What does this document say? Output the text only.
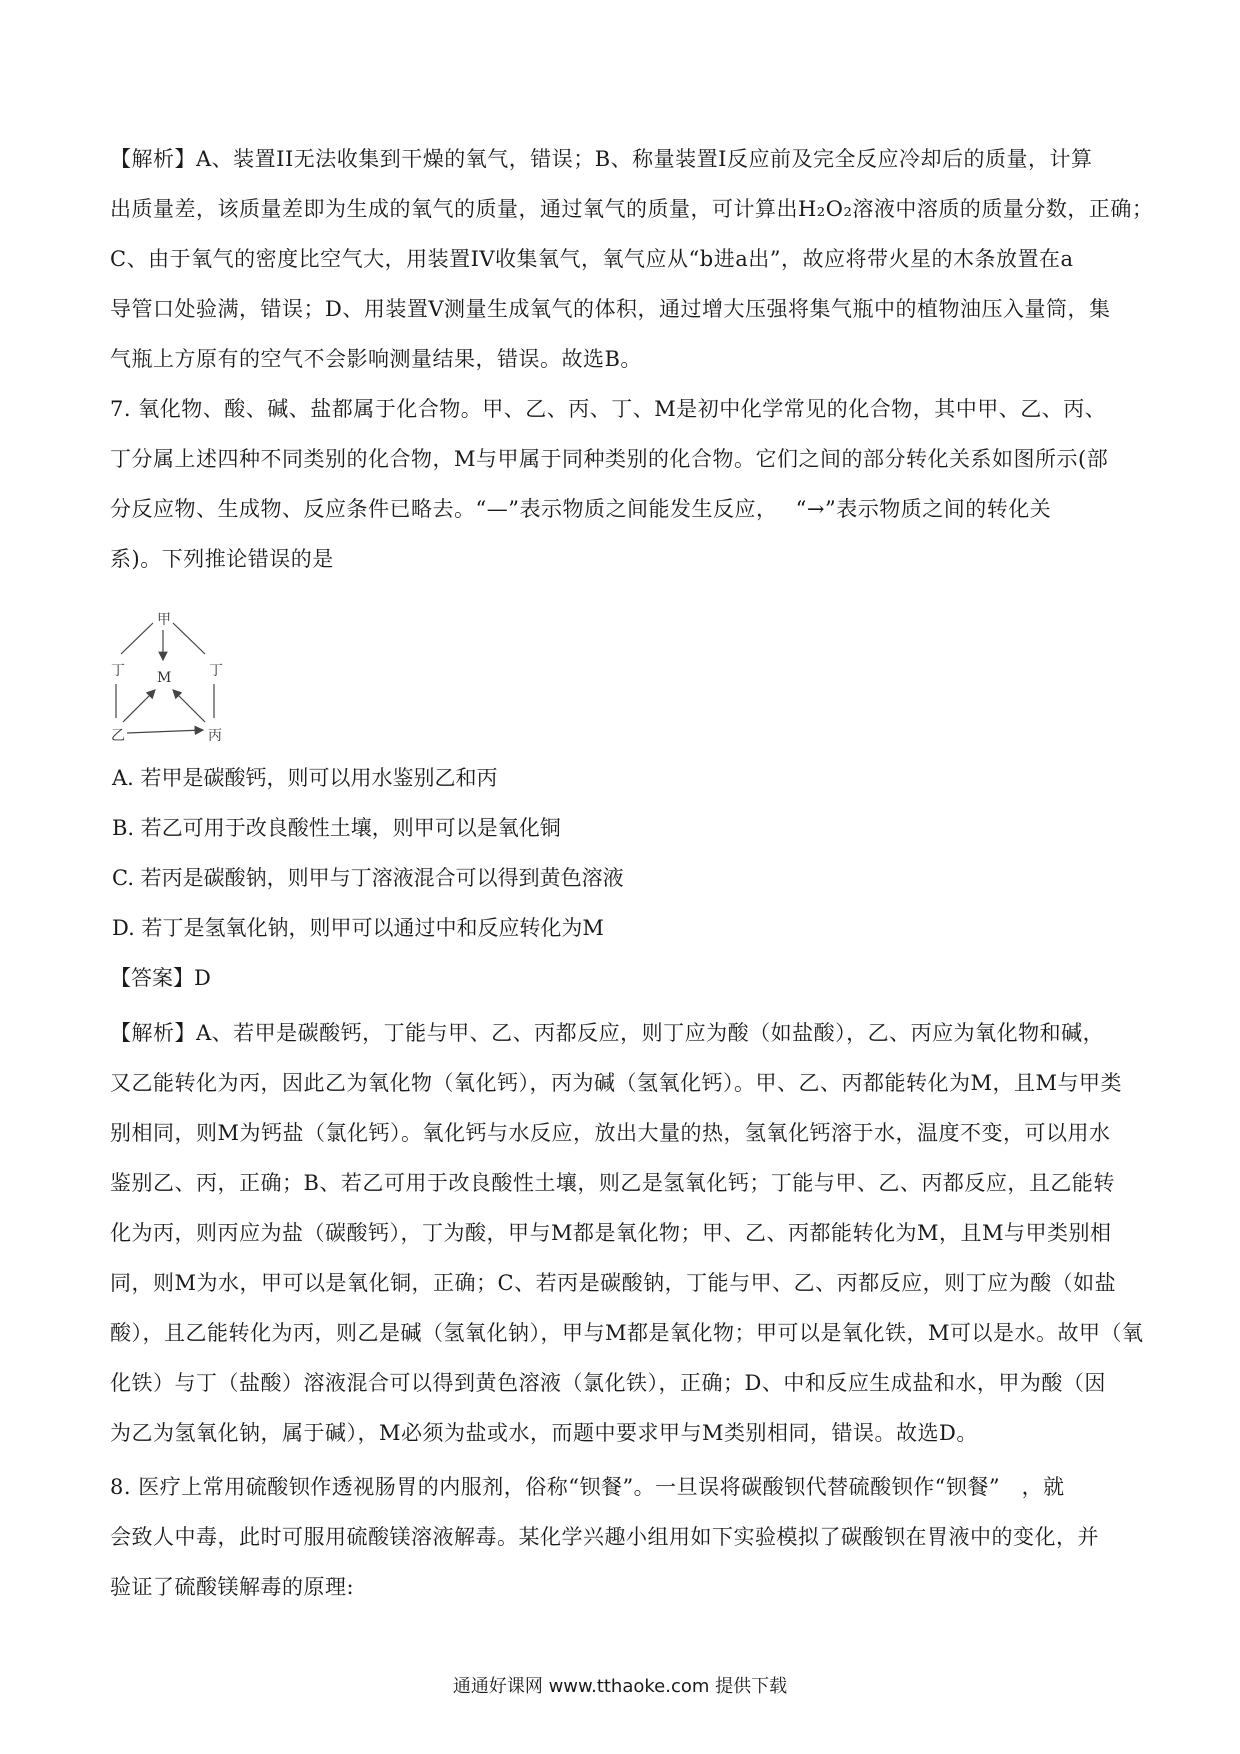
【解析】A、装置II无法收集到干燥的氧气，错误；B、称量装置I反应前及完全反应冷却后的质量，计算
出质量差，该质量差即为生成的氧气的质量，通过氧气的质量，可计算出H₂O₂溶液中溶质的质量分数，正确；
C、由于氧气的密度比空气大，用装置IV收集氧气，氧气应从“b进a出”，故应将带火星的木条放置在a
导管口处验满，错误；D、用装置V测量生成氧气的体积，通过增大压强将集气瓶中的植物油压入量筒，集
气瓶上方原有的空气不会影响测量结果，错误。故选B。
7. 氧化物、酸、碱、盐都属于化合物。甲、乙、丙、丁、M是初中化学常见的化合物，其中甲、乙、丙、
丁分属上述四种不同类别的化合物，M与甲属于同种类别的化合物。它们之间的部分转化关系如图所示(部
分反应物、生成物、反应条件已略去。“—”表示物质之间能发生反应，　 “→”表示物质之间的转化关
系)。下列推论错误的是
甲
丁 M	丁
乙	丙
A. 若甲是碳酸钙，则可以用水鉴别乙和丙
B. 若乙可用于改良酸性土壤，则甲可以是氧化铜
C. 若丙是碳酸钠，则甲与丁溶液混合可以得到黄色溶液
D. 若丁是氢氧化钠，则甲可以通过中和反应转化为M
【答案】D
【解析】A、若甲是碳酸钙，丁能与甲、乙、丙都反应，则丁应为酸（如盐酸），乙、丙应为氧化物和碱，
又乙能转化为丙，因此乙为氧化物（氧化钙），丙为碱（氢氧化钙）。甲、乙、丙都能转化为M，且M与甲类
别相同，则M为钙盐（氯化钙）。氧化钙与水反应，放出大量的热，氢氧化钙溶于水，温度不变，可以用水
鉴别乙、丙，正确；B、若乙可用于改良酸性土壤，则乙是氢氧化钙；丁能与甲、乙、丙都反应，且乙能转
化为丙，则丙应为盐（碳酸钙），丁为酸，甲与M都是氧化物；甲、乙、丙都能转化为M，且M与甲类别相
同，则M为水，甲可以是氧化铜，正确；C、若丙是碳酸钠，丁能与甲、乙、丙都反应，则丁应为酸（如盐
酸），且乙能转化为丙，则乙是碱（氢氧化钠），甲与M都是氧化物；甲可以是氧化铁，M可以是水。故甲（氧
化铁）与丁（盐酸）溶液混合可以得到黄色溶液（氯化铁），正确；D、中和反应生成盐和水，甲为酸（因
为乙为氢氧化钠，属于碱），M必须为盐或水，而题中要求甲与M类别相同，错误。故选D。
8. 医疗上常用硫酸钡作透视肠胃的内服剂，俗称“钡餐”。一旦误将碳酸钡代替硫酸钡作“钡餐”　，就
会致人中毒，此时可服用硫酸镁溶液解毒。某化学兴趣小组用如下实验模拟了碳酸钡在胃液中的变化，并
验证了硫酸镁解毒的原理:
通通好课网 www.tthaoke.com 提供下载
